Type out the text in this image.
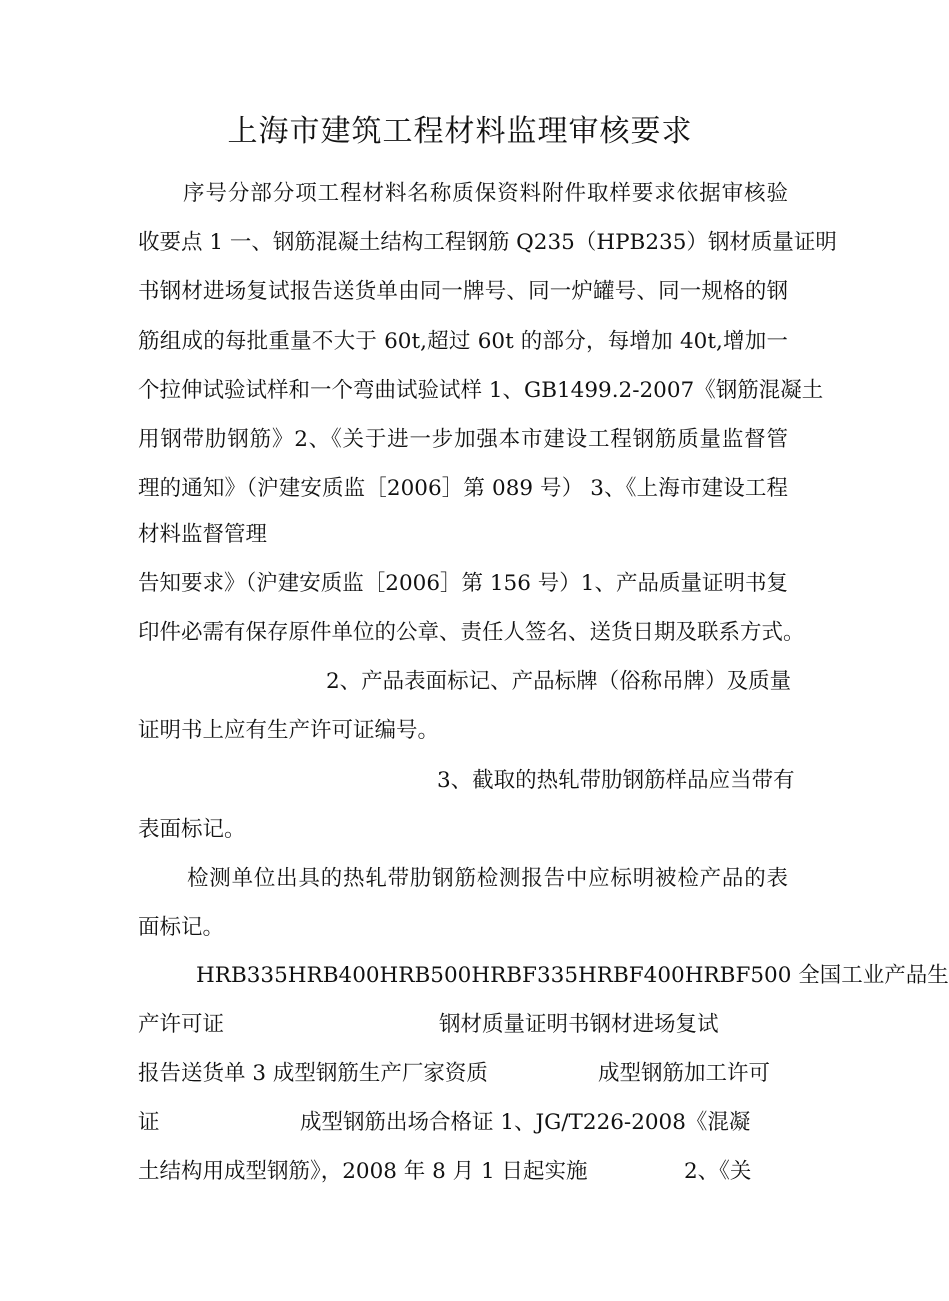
上海市建筑工程材料监理审核要求
序号分部分项工程材料名称质保资料附件取样要求依据审核验
收要点 1 一、钢筋混凝土结构工程钢筋 Q235（HPB235）钢材质量证明
书钢材进场复试报告送货单由同一牌号、同一炉罐号、同一规格的钢
筋组成的每批重量不大于 60t,超过 60t 的部分，每增加 40t,增加一
个拉伸试验试样和一个弯曲试验试样 1、GB1499.2-2007《钢筋混凝土
用钢带肋钢筋》2、《关于进一步加强本市建设工程钢筋质量监督管
理的通知》（沪建安质监［2006］第 089 号） 3、《上海市建设工程
材料监督管理
告知要求》（沪建安质监［2006］第 156 号）1、产品质量证明书复
印件必需有保存原件单位的公章、责任人签名、送货日期及联系方式。
2、产品表面标记、产品标牌（俗称吊牌）及质量
证明书上应有生产许可证编号。
3、截取的热轧带肋钢筋样品应当带有
表面标记。
检测单位出具的热轧带肋钢筋检测报告中应标明被检产品的表
面标记。
HRB335HRB400HRB500HRBF335HRBF400HRBF500 全国工业产品生
产许可证	钢材质量证明书钢材进场复试
报告送货单 3 成型钢筋生产厂家资质	成型钢筋加工许可
证	成型钢筋出场合格证 1、JG/T226-2008《混凝
土结构用成型钢筋》，2008 年 8 月 1 日起实施	2、《关
